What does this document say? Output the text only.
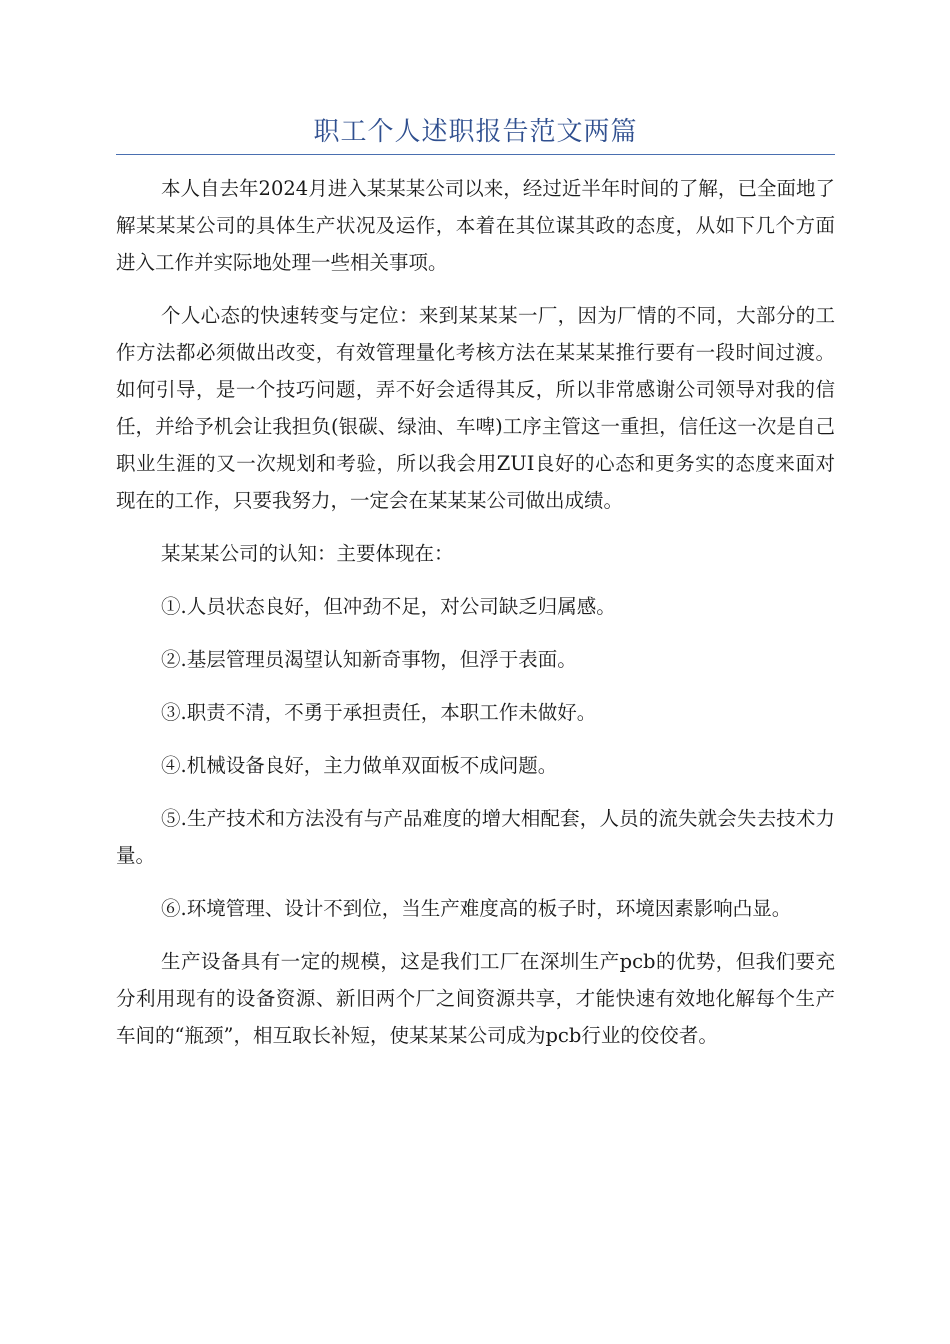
职工个人述职报告范文两篇

本人自去年2024月进入某某某公司以来，经过近半年时间的了解，已全面地了解某某某公司的具体生产状况及运作，本着在其位谋其政的态度，从如下几个方面进入工作并实际地处理一些相关事项。

个人心态的快速转变与定位：来到某某某一厂，因为厂情的不同，大部分的工作方法都必须做出改变，有效管理量化考核方法在某某某推行要有一段时间过渡。如何引导，是一个技巧问题，弄不好会适得其反，所以非常感谢公司领导对我的信任，并给予机会让我担负(银碳、绿油、车啤)工序主管这一重担，信任这一次是自己职业生涯的又一次规划和考验，所以我会用ZUI良好的心态和更务实的态度来面对现在的工作，只要我努力，一定会在某某某公司做出成绩。

某某某公司的认知：主要体现在：

①.人员状态良好，但冲劲不足，对公司缺乏归属感。

②.基层管理员渴望认知新奇事物，但浮于表面。

③.职责不清，不勇于承担责任，本职工作未做好。

④.机械设备良好，主力做单双面板不成问题。

⑤.生产技术和方法没有与产品难度的增大相配套，人员的流失就会失去技术力量。

⑥.环境管理、设计不到位，当生产难度高的板子时，环境因素影响凸显。

生产设备具有一定的规模，这是我们工厂在深圳生产pcb的优势，但我们要充分利用现有的设备资源、新旧两个厂之间资源共享，才能快速有效地化解每个生产车间的“瓶颈”，相互取长补短，使某某某公司成为pcb行业的佼佼者。
